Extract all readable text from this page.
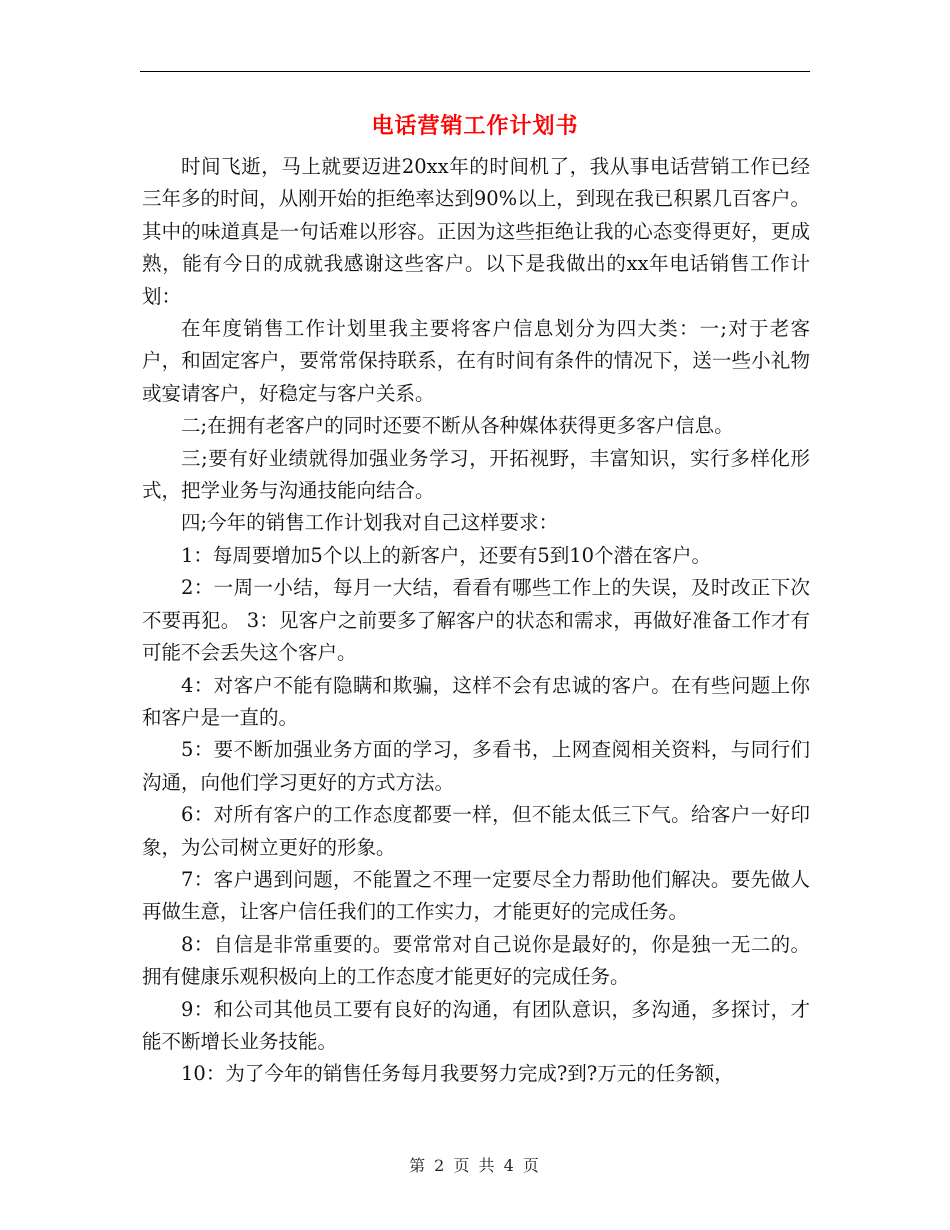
电话营销工作计划书

时间飞逝，马上就要迈进20xx年的时间机了，我从事电话营销工作已经三年多的时间，从刚开始的拒绝率达到90%以上，到现在我已积累几百客户。其中的味道真是一句话难以形容。正因为这些拒绝让我的心态变得更好，更成熟，能有今日的成就我感谢这些客户。以下是我做出的xx年电话销售工作计划：

在年度销售工作计划里我主要将客户信息划分为四大类：一;对于老客户，和固定客户，要常常保持联系，在有时间有条件的情况下，送一些小礼物或宴请客户，好稳定与客户关系。

二;在拥有老客户的同时还要不断从各种媒体获得更多客户信息。

三;要有好业绩就得加强业务学习，开拓视野，丰富知识，实行多样化形式，把学业务与沟通技能向结合。

四;今年的销售工作计划我对自己这样要求：

1：每周要增加5个以上的新客户，还要有5到10个潜在客户。

2：一周一小结，每月一大结，看看有哪些工作上的失误，及时改正下次不要再犯。 3：见客户之前要多了解客户的状态和需求，再做好准备工作才有可能不会丢失这个客户。

4：对客户不能有隐瞒和欺骗，这样不会有忠诚的客户。在有些问题上你和客户是一直的。

5：要不断加强业务方面的学习，多看书，上网查阅相关资料，与同行们沟通，向他们学习更好的方式方法。

6：对所有客户的工作态度都要一样，但不能太低三下气。给客户一好印象，为公司树立更好的形象。

7：客户遇到问题，不能置之不理一定要尽全力帮助他们解决。要先做人再做生意，让客户信任我们的工作实力，才能更好的完成任务。

8：自信是非常重要的。要常常对自己说你是最好的，你是独一无二的。拥有健康乐观积极向上的工作态度才能更好的完成任务。

9：和公司其他员工要有良好的沟通，有团队意识，多沟通，多探讨，才能不断增长业务技能。

10：为了今年的销售任务每月我要努力完成?到?万元的任务额，

第 2 页 共 4 页
